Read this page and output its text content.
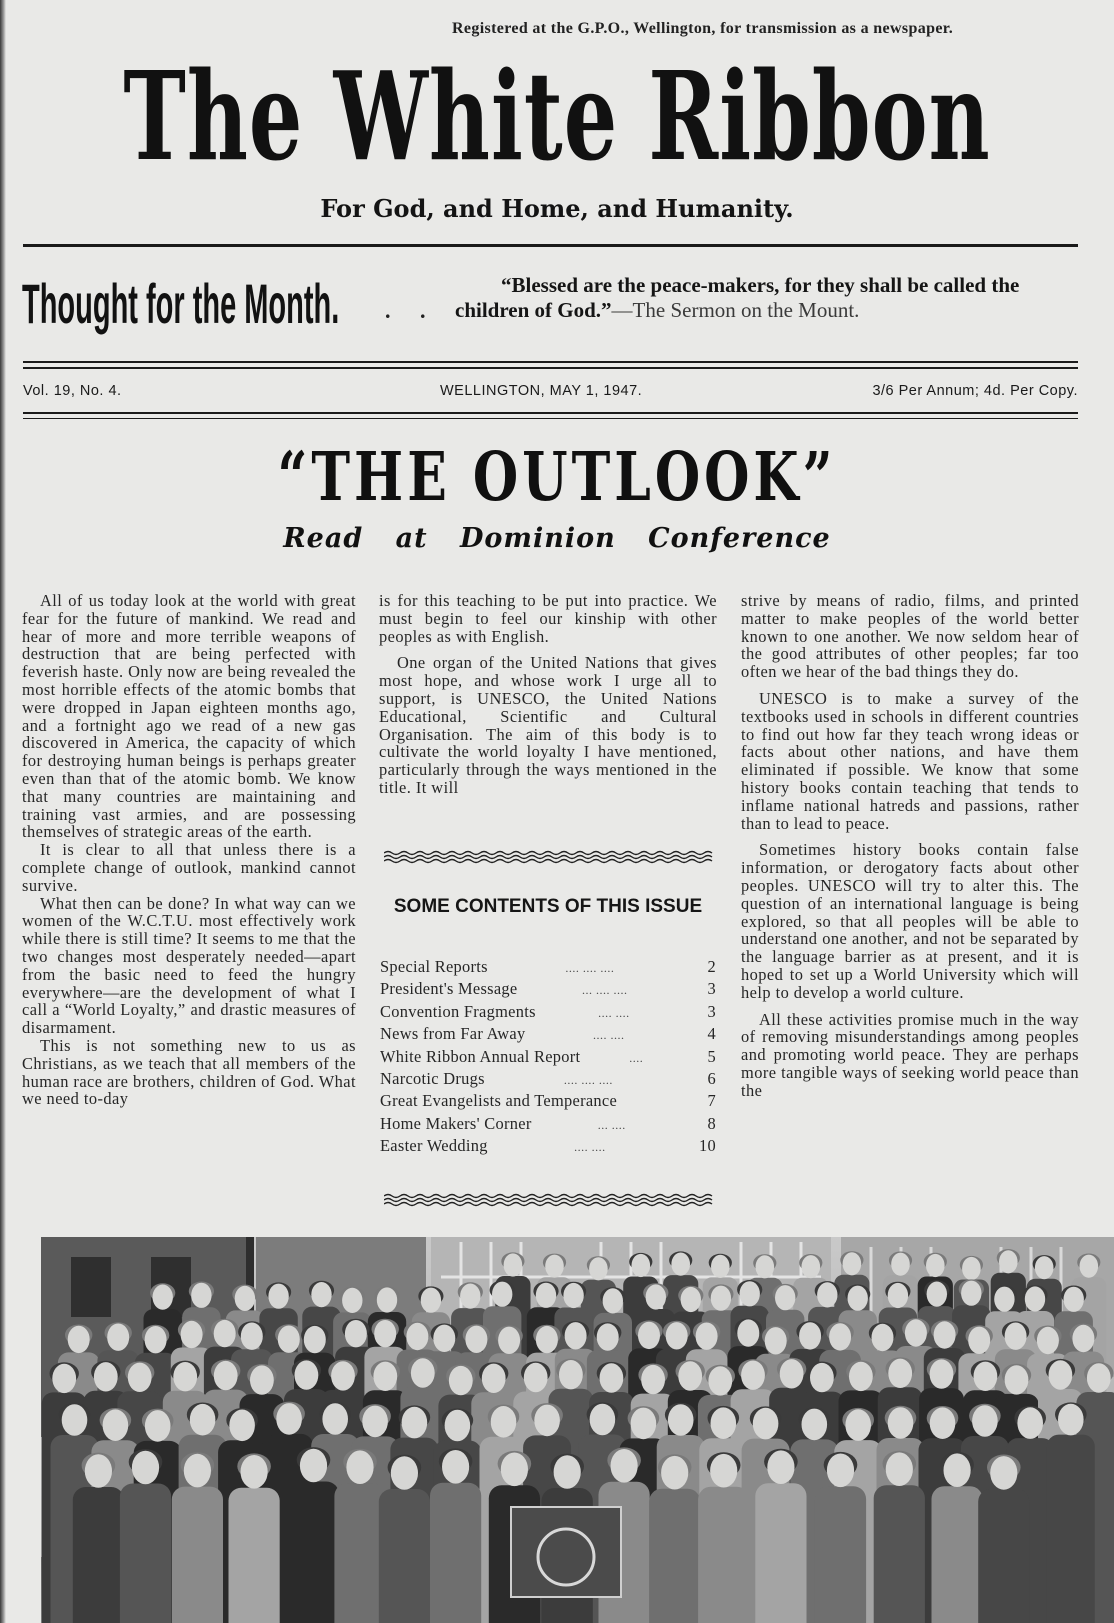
Registered at the G.P.O., Wellington, for transmission as a newspaper.
The White Ribbon
For God, and Home, and Humanity.
Thought for the Month. . .

“Blessed are the peace-makers, for they shall be called the children of God.”—The Sermon on the Mount.

Vol. 19, No. 4.	WELLINGTON, MAY 1, 1947.	3/6 Per Annum; 4d. Per Copy.
“THE OUTLOOK”
Read at Dominion Conference

All of us today look at the world with great fear for the future of mankind. We read and hear of more and more terrible weapons of destruction that are being perfected with feverish haste. Only now are being revealed the most horrible effects of the atomic bombs that were dropped in Japan eighteen months ago, and a fortnight ago we read of a new gas discovered in America, the capacity of which for destroying human beings is perhaps greater even than that of the atomic bomb. We know that many countries are maintaining and training vast armies, and are possessing themselves of strategic areas of the earth.

It is clear to all that unless there is a complete change of outlook, mankind cannot survive.

What then can be done? In what way can we women of the W.C.T.U. most effectively work while there is still time? It seems to me that the two changes most desperately needed—apart from the basic need to feed the hungry everywhere—are the development of what I call a “World Loyalty,” and drastic measures of disarmament.

This is not something new to us as Christians, as we teach that all members of the human race are brothers, children of God. What we need to-day

is for this teaching to be put into practice. We must begin to feel our kinship with other peoples as with English.

One organ of the United Nations that gives most hope, and whose work I urge all to support, is UNESCO, the United Nations Educational, Scientific and Cultural Organisation. The aim of this body is to cultivate the world loyalty I have mentioned, particularly through the ways mentioned in the title. It will

SOME CONTENTS OF THIS ISSUE
Special Reports	.... .... ....	2
President's Message	... .... ....	3
Convention Fragments	.... ....	3
News from Far Away	.... ....	4
White Ribbon Annual Report	....	5
Narcotic Drugs	.... .... ....	6
Great Evangelists and Temperance	7
Home Makers' Corner	... ....	8
Easter Wedding	.... ....	10

strive by means of radio, films, and printed matter to make peoples of the world better known to one another. We now seldom hear of the good attributes of other peoples; far too often we hear of the bad things they do.

UNESCO is to make a survey of the textbooks used in schools in different countries to find out how far they teach wrong ideas or facts about other nations, and have them eliminated if possible. We know that some history books contain teaching that tends to inflame national hatreds and passions, rather than to lead to peace.

Sometimes history books contain false information, or derogatory facts about other peoples. UNESCO will try to alter this. The question of an international language is being explored, so that all peoples will be able to understand one another, and not be separated by the language barrier as at present, and it is hoped to set up a World University which will help to develop a world culture.

All these activities promise much in the way of removing misunderstandings among peoples and promoting world peace. They are perhaps more tangible ways of seeking world peace than the
